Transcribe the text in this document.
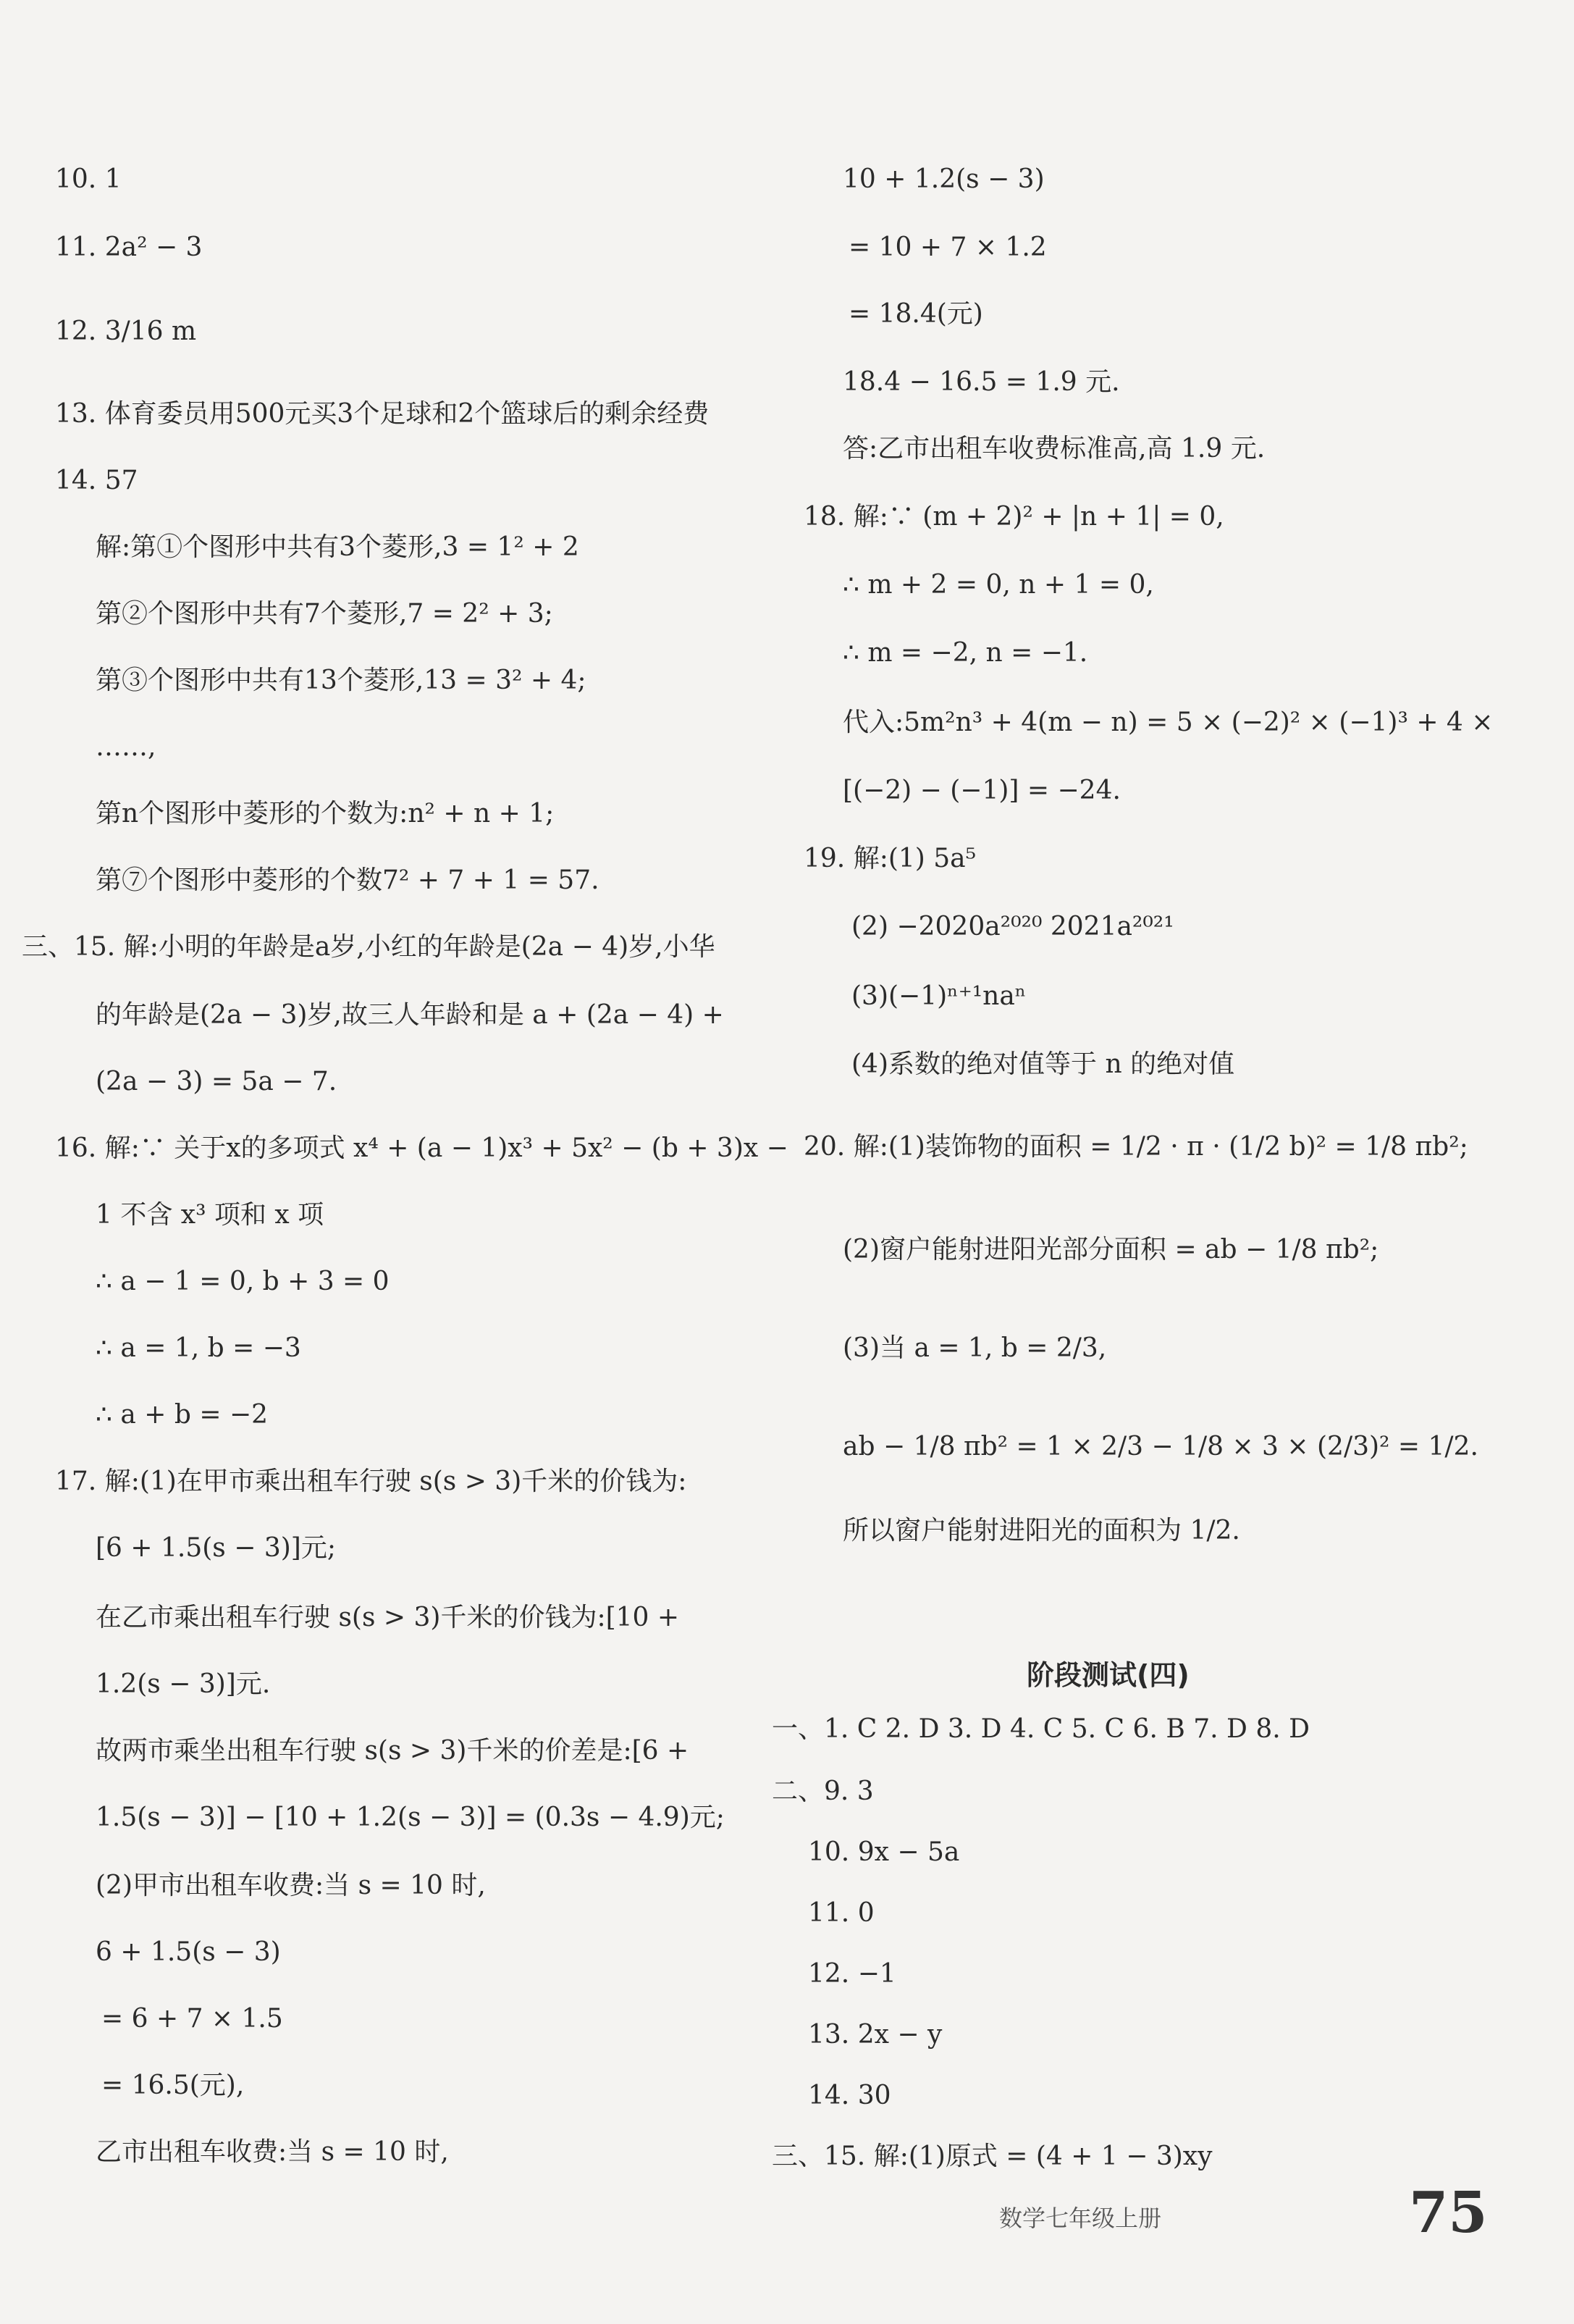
10. 1
11. 2a² − 3
12. 3/16 m
13. 体育委员用500元买3个足球和2个篮球后的剩余经费
14. 57
解:第①个图形中共有3个菱形,3 = 1² + 2
第②个图形中共有7个菱形,7 = 2² + 3;
第③个图形中共有13个菱形,13 = 3² + 4;
……,
第n个图形中菱形的个数为:n² + n + 1;
第⑦个图形中菱形的个数7² + 7 + 1 = 57.
三、15. 解:小明的年龄是a岁,小红的年龄是(2a − 4)岁,小华
的年龄是(2a − 3)岁,故三人年龄和是 a + (2a − 4) +
(2a − 3) = 5a − 7.
16. 解:∵ 关于x的多项式 x⁴ + (a − 1)x³ + 5x² − (b + 3)x −
1 不含 x³ 项和 x 项
∴ a − 1 = 0, b + 3 = 0
∴ a = 1, b = −3
∴ a + b = −2
17. 解:(1)在甲市乘出租车行驶 s(s > 3)千米的价钱为:
[6 + 1.5(s − 3)]元;
在乙市乘出租车行驶 s(s > 3)千米的价钱为:[10 +
1.2(s − 3)]元.
故两市乘坐出租车行驶 s(s > 3)千米的价差是:[6 +
1.5(s − 3)] − [10 + 1.2(s − 3)] = (0.3s − 4.9)元;
(2)甲市出租车收费:当 s = 10 时,
6 + 1.5(s − 3)
= 6 + 7 × 1.5
= 16.5(元),
乙市出租车收费:当 s = 10 时,
10 + 1.2(s − 3)
= 10 + 7 × 1.2
= 18.4(元)
18.4 − 16.5 = 1.9 元.
答:乙市出租车收费标准高,高 1.9 元.
18. 解:∵ (m + 2)² + |n + 1| = 0,
∴ m + 2 = 0, n + 1 = 0,
∴ m = −2, n = −1.
代入:5m²n³ + 4(m − n) = 5 × (−2)² × (−1)³ + 4 ×
[(−2) − (−1)] = −24.
19. 解:(1) 5a⁵
(2) −2020a²⁰²⁰ 2021a²⁰²¹
(3)(−1)ⁿ⁺¹naⁿ
(4)系数的绝对值等于 n 的绝对值
20. 解:(1)装饰物的面积 = 1/2 · π · (1/2 b)² = 1/8 πb²;
(2)窗户能射进阳光部分面积 = ab − 1/8 πb²;
(3)当 a = 1, b = 2/3,
ab − 1/8 πb² = 1 × 2/3 − 1/8 × 3 × (2/3)² = 1/2.
所以窗户能射进阳光的面积为 1/2.
阶段测试(四)
一、1. C 2. D 3. D 4. C 5. C 6. B 7. D 8. D
二、9. 3
10. 9x − 5a
11. 0
12. −1
13. 2x − y
14. 30
三、15. 解:(1)原式 = (4 + 1 − 3)xy
数学七年级上册	75
